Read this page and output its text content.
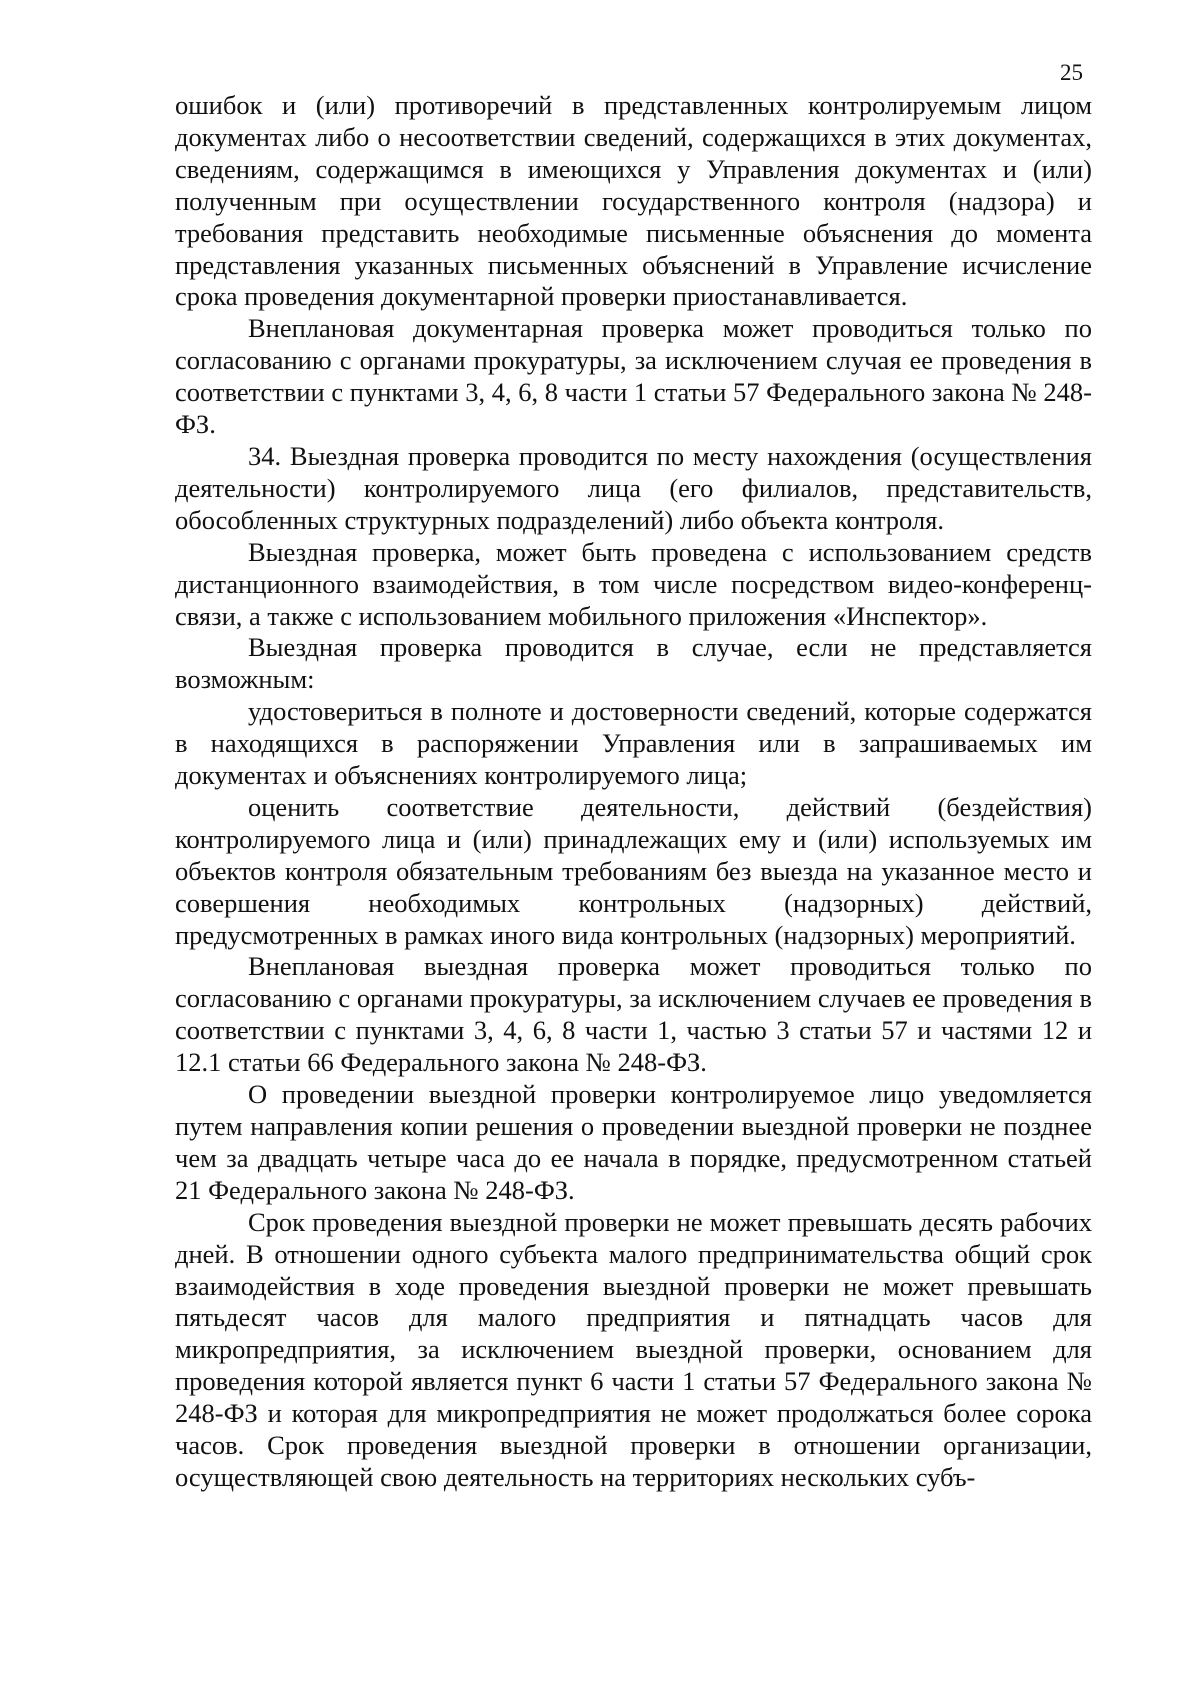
25

ошибок и (или) противоречий в представленных контролируемым лицом документах либо о несоответствии сведений, содержащихся в этих документах, сведениям, содержащимся в имеющихся у Управления документах и (или) полученным при осуществлении государственного контроля (надзора) и требования представить необходимые письменные объяснения до момента представления указанных письменных объяснений в Управление исчисление срока проведения документарной проверки приостанавливается.

Внеплановая документарная проверка может проводиться только по согласованию с органами прокуратуры, за исключением случая ее проведения в соответствии с пунктами 3, 4, 6, 8 части 1 статьи 57 Федерального закона № 248-ФЗ.

34. Выездная проверка проводится по месту нахождения (осуществления деятельности) контролируемого лица (его филиалов, представительств, обособленных структурных подразделений) либо объекта контроля.

Выездная проверка, может быть проведена с использованием средств дистанционного взаимодействия, в том числе посредством видео-конференц-связи, а также с использованием мобильного приложения «Инспектор».

Выездная проверка проводится в случае, если не представляется возможным:

удостовериться в полноте и достоверности сведений, которые содержатся в находящихся в распоряжении Управления или в запрашиваемых им документах и объяснениях контролируемого лица;

оценить соответствие деятельности, действий (бездействия) контролируемого лица и (или) принадлежащих ему и (или) используемых им объектов контроля обязательным требованиям без выезда на указанное место и совершения необходимых контрольных (надзорных) действий, предусмотренных в рамках иного вида контрольных (надзорных) мероприятий.

Внеплановая выездная проверка может проводиться только по согласованию с органами прокуратуры, за исключением случаев ее проведения в соответствии с пунктами 3, 4, 6, 8 части 1, частью 3 статьи 57 и частями 12 и 12.1 статьи 66 Федерального закона № 248-ФЗ.

О проведении выездной проверки контролируемое лицо уведомляется путем направления копии решения о проведении выездной проверки не позднее чем за двадцать четыре часа до ее начала в порядке, предусмотренном статьей 21 Федерального закона № 248-ФЗ.

Срок проведения выездной проверки не может превышать десять рабочих дней. В отношении одного субъекта малого предпринимательства общий срок взаимодействия в ходе проведения выездной проверки не может превышать пятьдесят часов для малого предприятия и пятнадцать часов для микропредприятия, за исключением выездной проверки, основанием для проведения которой является пункт 6 части 1 статьи 57 Федерального закона № 248-ФЗ и которая для микропредприятия не может продолжаться более сорока часов. Срок проведения выездной проверки в отношении организации, осуществляющей свою деятельность на территориях нескольких субъ-
